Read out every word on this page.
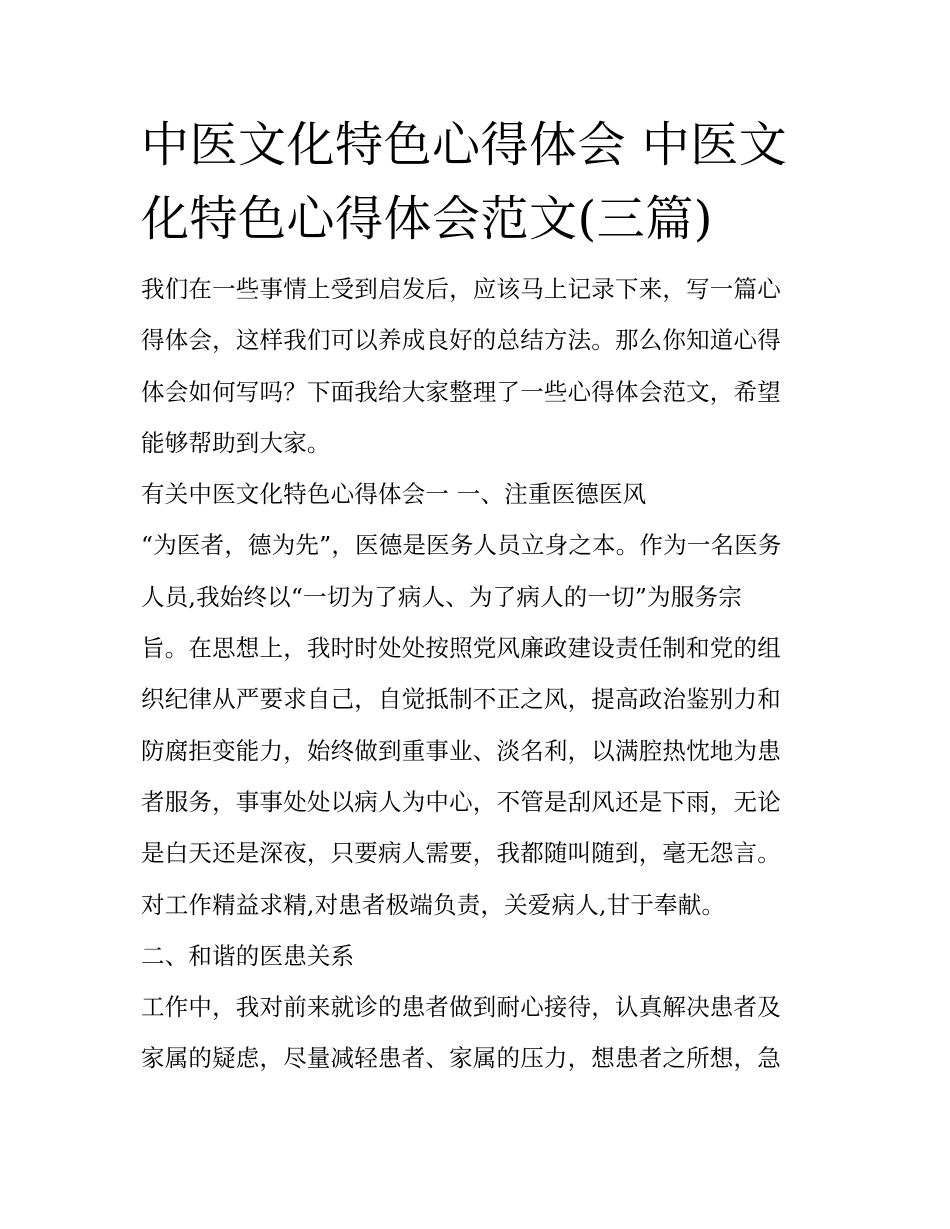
中医文化特色心得体会 中医文
化特色心得体会范文(三篇)
我们在一些事情上受到启发后，应该马上记录下来，写一篇心
得体会，这样我们可以养成良好的总结方法。那么你知道心得
体会如何写吗？下面我给大家整理了一些心得体会范文，希望
能够帮助到大家。
有关中医文化特色心得体会一 一、注重医德医风
“为医者，德为先”，医德是医务人员立身之本。作为一名医务
人员,我始终以“一切为了病人、为了病人的一切”为服务宗
旨。在思想上，我时时处处按照党风廉政建设责任制和党的组
织纪律从严要求自己，自觉抵制不正之风，提高政治鉴别力和
防腐拒变能力，始终做到重事业、淡名利，以满腔热忱地为患
者服务，事事处处以病人为中心，不管是刮风还是下雨，无论
是白天还是深夜，只要病人需要，我都随叫随到，毫无怨言。
对工作精益求精,对患者极端负责，关爱病人,甘于奉献。
二、和谐的医患关系
工作中，我对前来就诊的患者做到耐心接待，认真解决患者及
家属的疑虑，尽量减轻患者、家属的压力，想患者之所想，急
